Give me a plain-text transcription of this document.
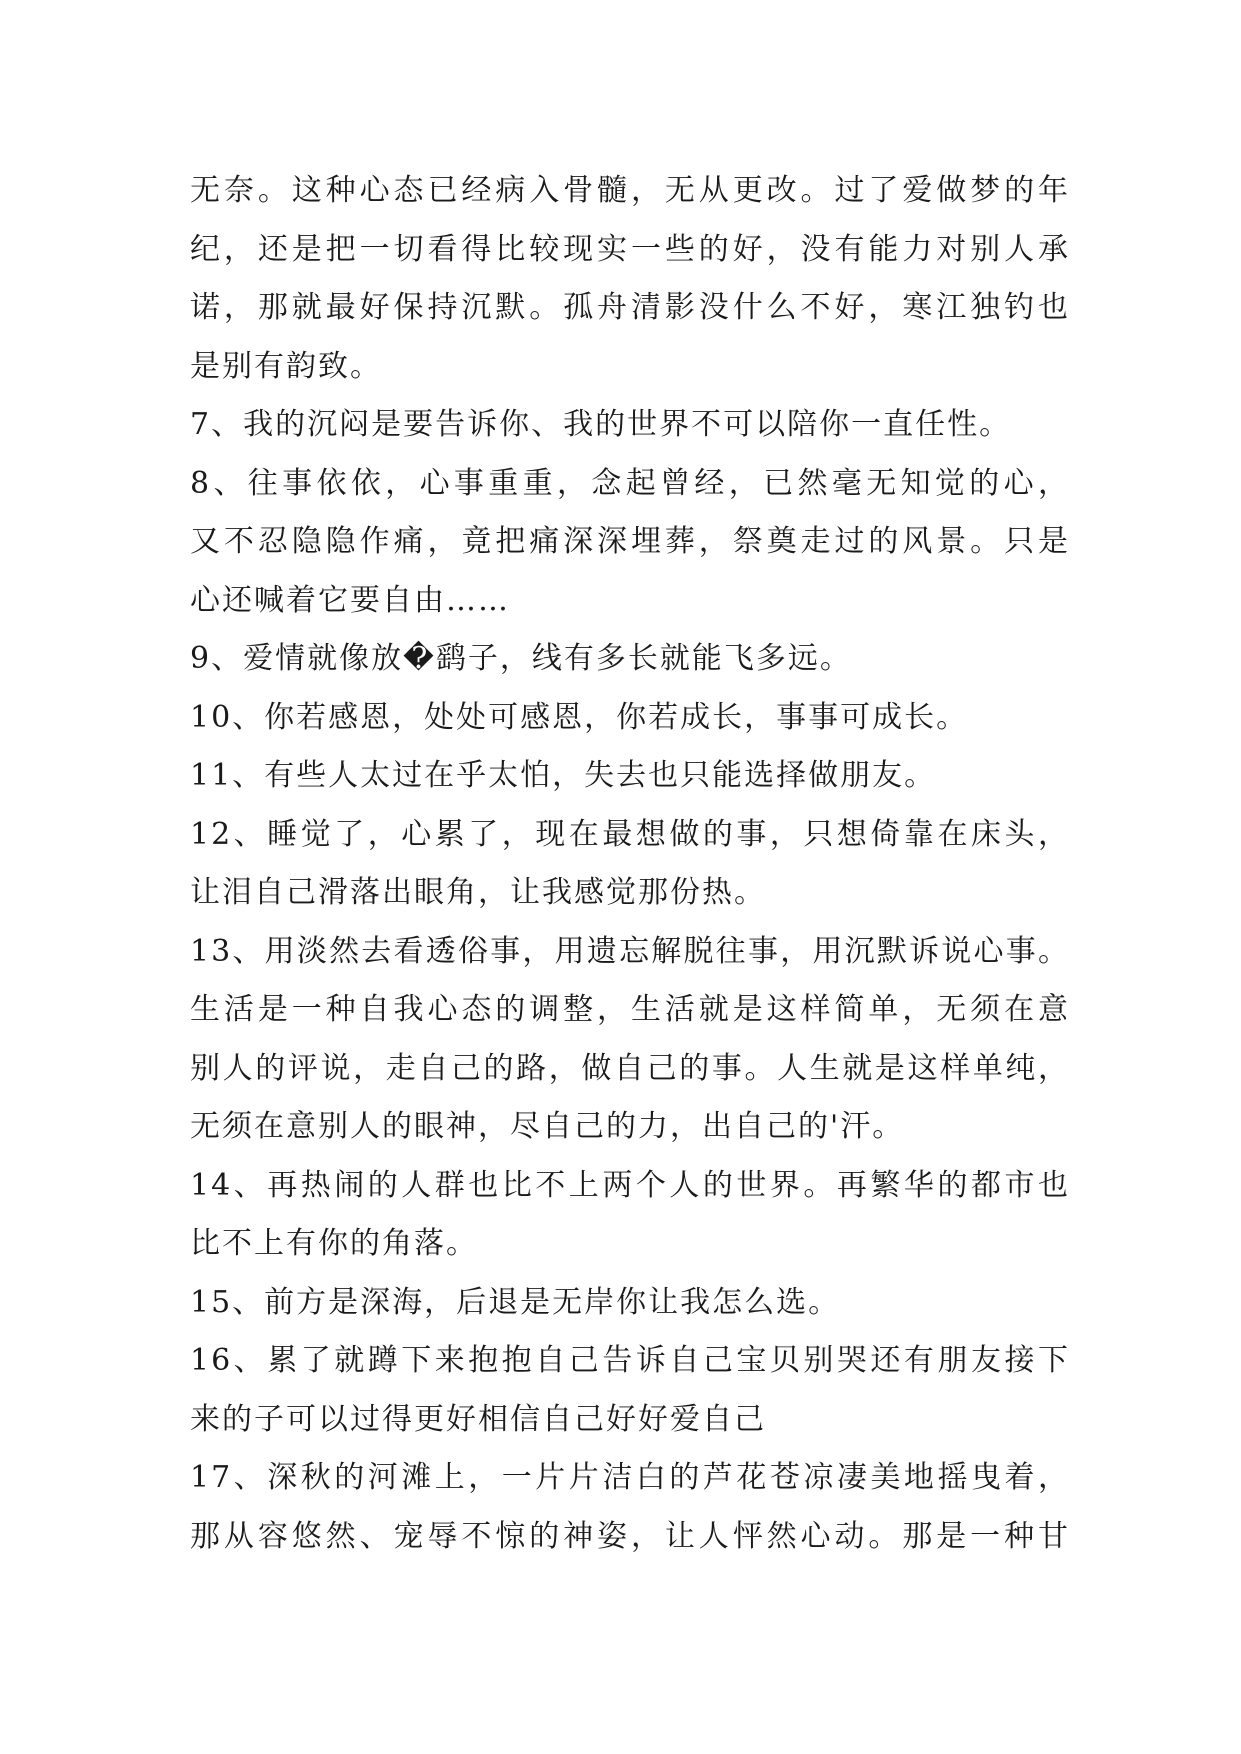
无奈。这种心态已经病入骨髓，无从更改。过了爱做梦的年
纪，还是把一切看得比较现实一些的好，没有能力对别人承
诺，那就最好保持沉默。孤舟清影没什么不好，寒江独钓也
是别有韵致。
7、我的沉闷是要告诉你、我的世界不可以陪你一直任性。
8、往事依依，心事重重，念起曾经，已然毫无知觉的心，
又不忍隐隐作痛，竟把痛深深埋葬，祭奠走过的风景。只是
心还喊着它要自由……
9、爱情就像放�鹞子，线有多长就能飞多远。
10、你若感恩，处处可感恩，你若成长，事事可成长。
11、有些人太过在乎太怕，失去也只能选择做朋友。
12、睡觉了，心累了，现在最想做的事，只想倚靠在床头，
让泪自己滑落出眼角，让我感觉那份热。
13、用淡然去看透俗事，用遗忘解脱往事，用沉默诉说心事。
生活是一种自我心态的调整，生活就是这样简单，无须在意
别人的评说，走自己的路，做自己的事。人生就是这样单纯，
无须在意别人的眼神，尽自己的力，出自己的'汗。
14、再热闹的人群也比不上两个人的世界。再繁华的都市也
比不上有你的角落。
15、前方是深海，后退是无岸你让我怎么选。
16、累了就蹲下来抱抱自己告诉自己宝贝别哭还有朋友接下
来的子可以过得更好相信自己好好爱自己
17、深秋的河滩上，一片片洁白的芦花苍凉凄美地摇曳着，
那从容悠然、宠辱不惊的神姿，让人怦然心动。那是一种甘
